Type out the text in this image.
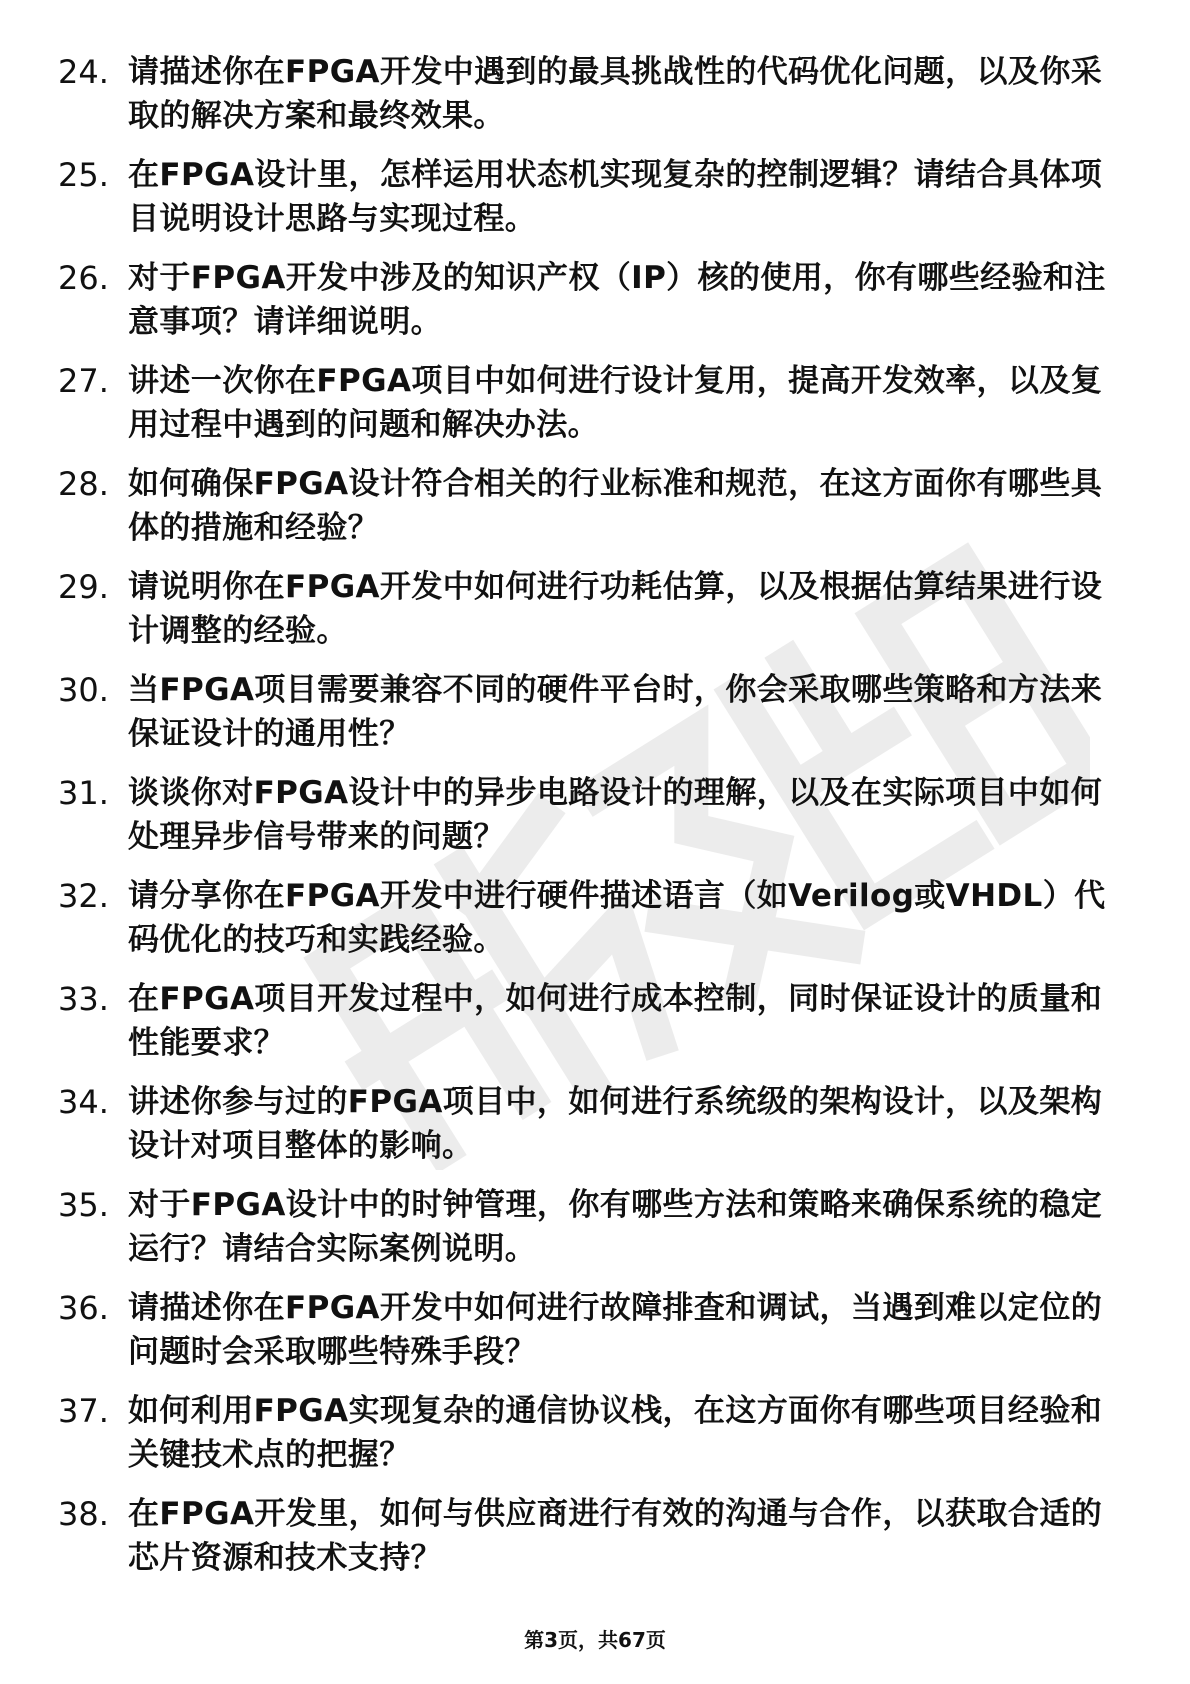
24. 请描述你在FPGA开发中遇到的最具挑战性的代码优化问题，以及你采取的解决方案和最终效果。
25. 在FPGA设计里，怎样运用状态机实现复杂的控制逻辑？请结合具体项目说明设计思路与实现过程。
26. 对于FPGA开发中涉及的知识产权（IP）核的使用，你有哪些经验和注意事项？请详细说明。
27. 讲述一次你在FPGA项目中如何进行设计复用，提高开发效率，以及复用过程中遇到的问题和解决办法。
28. 如何确保FPGA设计符合相关的行业标准和规范，在这方面你有哪些具体的措施和经验？
29. 请说明你在FPGA开发中如何进行功耗估算，以及根据估算结果进行设计调整的经验。
30. 当FPGA项目需要兼容不同的硬件平台时，你会采取哪些策略和方法来保证设计的通用性？
31. 谈谈你对FPGA设计中的异步电路设计的理解，以及在实际项目中如何处理异步信号带来的问题？
32. 请分享你在FPGA开发中进行硬件描述语言（如Verilog或VHDL）代码优化的技巧和实践经验。
33. 在FPGA项目开发过程中，如何进行成本控制，同时保证设计的质量和性能要求？
34. 讲述你参与过的FPGA项目中，如何进行系统级的架构设计，以及架构设计对项目整体的影响。
35. 对于FPGA设计中的时钟管理，你有哪些方法和策略来确保系统的稳定运行？请结合实际案例说明。
36. 请描述你在FPGA开发中如何进行故障排查和调试，当遇到难以定位的问题时会采取哪些特殊手段？
37. 如何利用FPGA实现复杂的通信协议栈，在这方面你有哪些项目经验和关键技术点的把握？
38. 在FPGA开发里，如何与供应商进行有效的沟通与合作，以获取合适的芯片资源和技术支持？
第3页，共67页
